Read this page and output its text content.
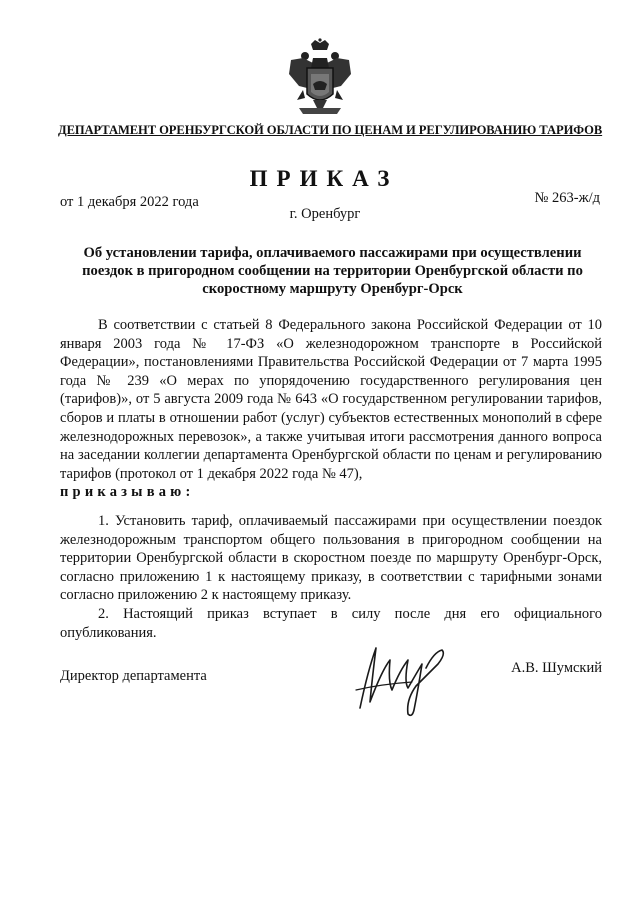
ДЕПАРТАМЕНТ ОРЕНБУРГСКОЙ ОБЛАСТИ ПО ЦЕНАМ И РЕГУЛИРОВАНИЮ ТАРИФОВ
ПРИКАЗ
от 1 декабря 2022 года	№ 263-ж/д
г. Оренбург
Об установлении тарифа, оплачиваемого пассажирами при осуществлении поездок в пригородном сообщении на территории Оренбургской области по скоростному маршруту Оренбург-Орск

В соответствии с статьей 8 Федерального закона Российской Федерации от 10 января 2003 года № 17-ФЗ «О железнодорожном транспорте в Российской Федерации», постановлениями Правительства Российской Федерации от 7 марта 1995 года № 239 «О мерах по упорядочению государственного регулирования цен (тарифов)», от 5 августа 2009 года № 643 «О государственном регулировании тарифов, сборов и платы в отношении работ (услуг) субъектов естественных монополий в сфере железнодорожных перевозок», а также учитывая итоги рассмотрения данного вопроса на заседании коллегии департамента Оренбургской области по ценам и регулированию тарифов (протокол от 1 декабря 2022 года № 47),

приказываю:

1. Установить тариф, оплачиваемый пассажирами при осуществлении поездок железнодорожным транспортом общего пользования в пригородном сообщении на территории Оренбургской области в скоростном поезде по маршруту Оренбург-Орск, согласно приложению 1 к настоящему приказу, в соответствии с тарифными зонами согласно приложению 2 к настоящему приказу.

2. Настоящий приказ вступает в силу после дня его официального опубликования.

Директор департамента	А.В. Шумский
